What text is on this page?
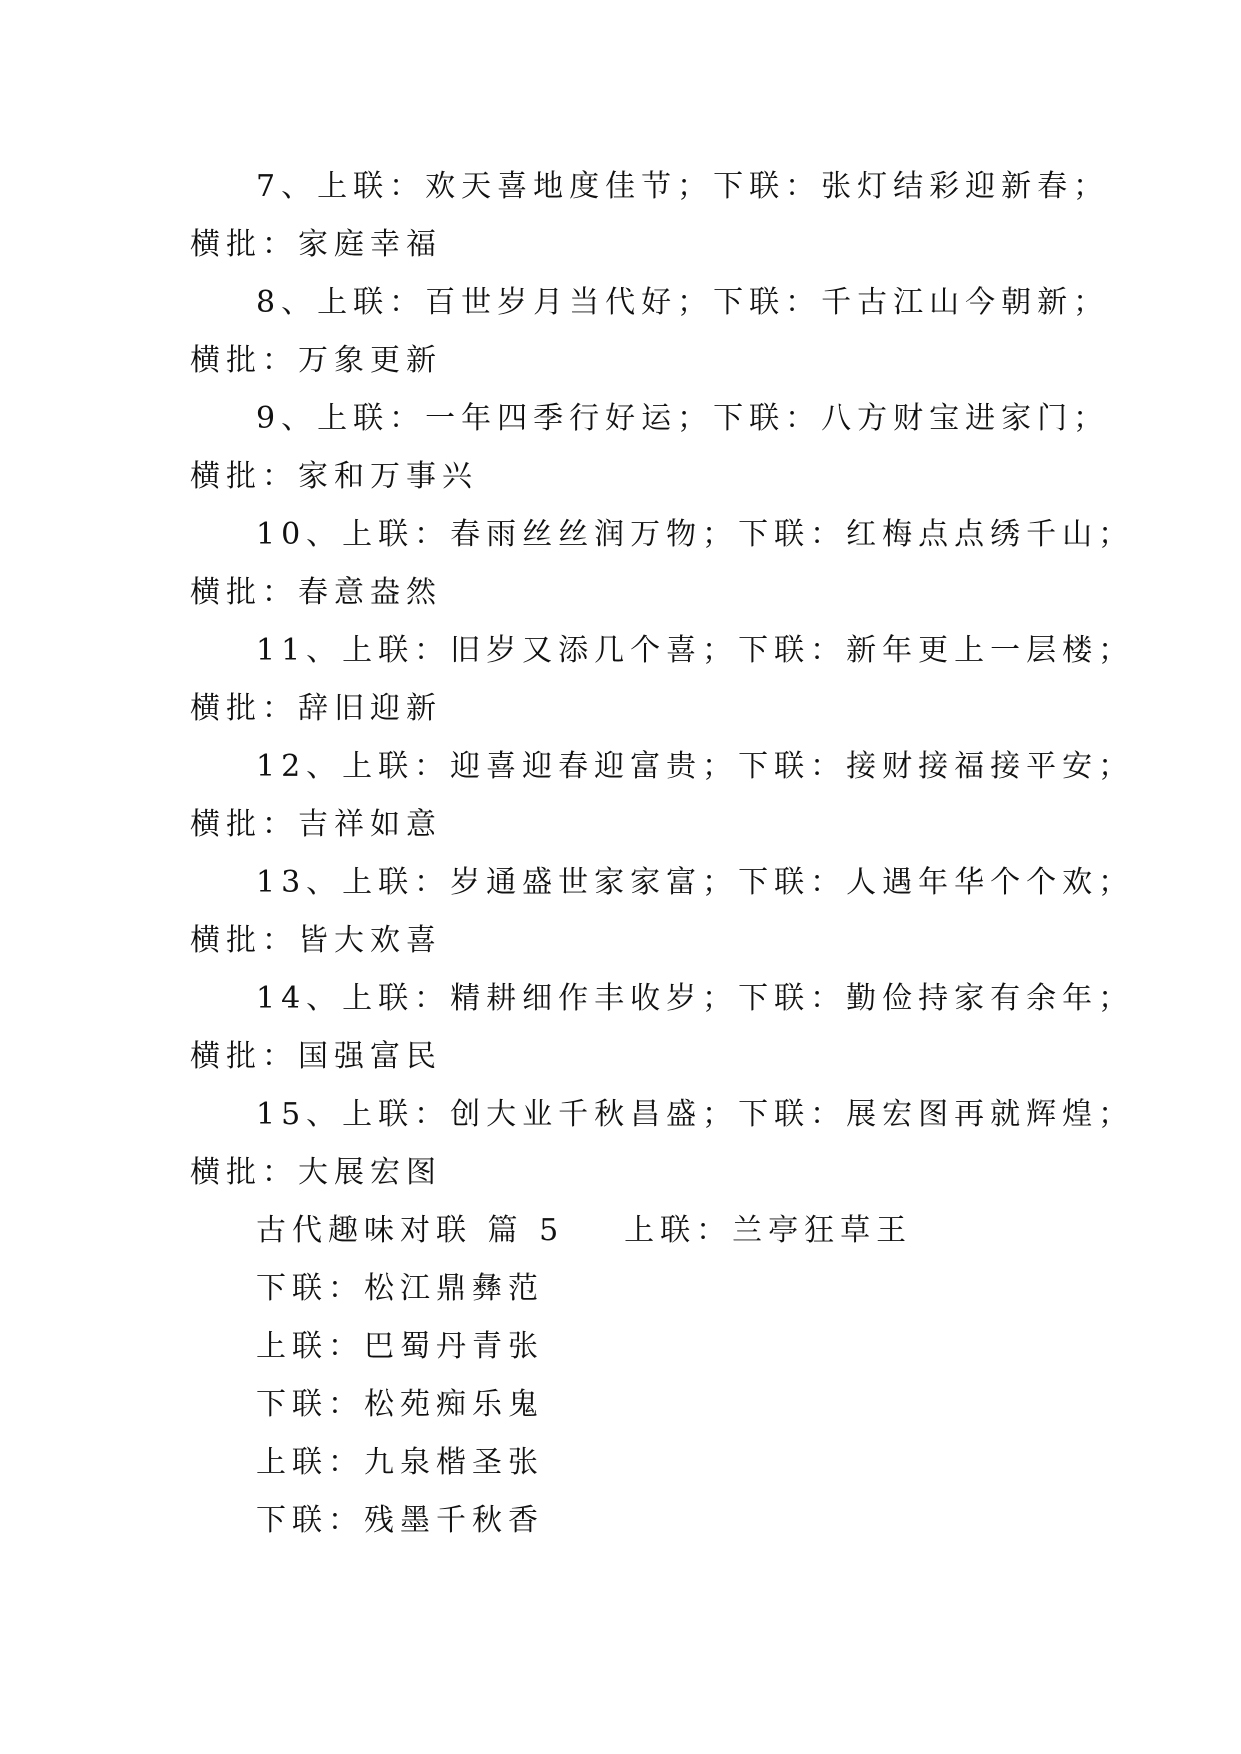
7、上联：欢天喜地度佳节；下联：张灯结彩迎新春；
横批：家庭幸福
8、上联：百世岁月当代好；下联：千古江山今朝新；
横批：万象更新
9、上联：一年四季行好运；下联：八方财宝进家门；
横批：家和万事兴
10、上联：春雨丝丝润万物；下联：红梅点点绣千山；
横批：春意盎然
11、上联：旧岁又添几个喜；下联：新年更上一层楼；
横批：辞旧迎新
12、上联：迎喜迎春迎富贵；下联：接财接福接平安；
横批：吉祥如意
13、上联：岁通盛世家家富；下联：人遇年华个个欢；
横批：皆大欢喜
14、上联：精耕细作丰收岁；下联：勤俭持家有余年；
横批：国强富民
15、上联：创大业千秋昌盛；下联：展宏图再就辉煌；
横批：大展宏图
古代趣味对联 篇 5 上联：兰亭狂草王
下联：松江鼎彝范
上联：巴蜀丹青张
下联：松苑痴乐鬼
上联：九泉楷圣张
下联：残墨千秋香
